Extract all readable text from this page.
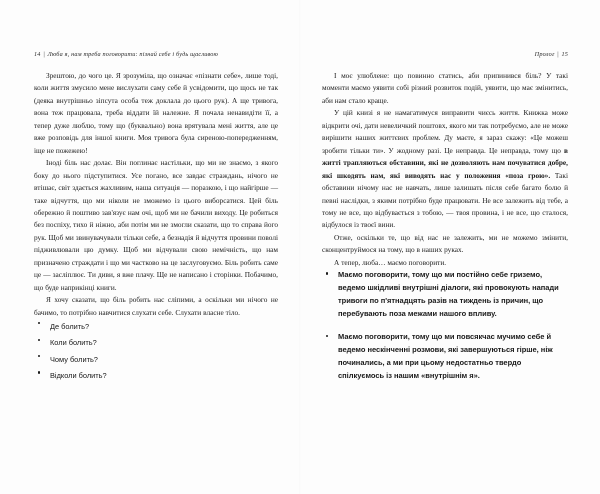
14 | Люба я, нам треба поговорити: пізнай себе і будь щасливою

Зрештою, до чого це. Я зрозуміла, що означає «пізнати себе», лише тоді, коли життя змусило мене вислухати саму себе й усвідомити, що щось не так (деяка внутрішньо зіпсута особа теж доклала до цього рук). А ще тривога, вона теж працювала, треба віддати їй належне. Я почала ненавидіти її, а тепер дуже люблю, тому що (буквально) вона врятувала мені життя, але це вже розповідь для іншої книги. Моя тривога була сиреною-попередженням, іще не пожежею!

Іноді біль нас долає. Він поглинає настільки, що ми не знаємо, з якого боку до нього підступитися. Усе погано, все завдає страждань, нічого не втішає, світ здається жахливим, наша ситуація — поразкою, і що найгірше — таке відчуття, що ми ніколи не зможемо із цього виборсатися. Цей біль обережно й поштиво зав'язує нам очі, щоб ми не бачили виходу. Це робиться без поспіху, тихо й ніжно, аби потім ми не змогли сказати, що то справа його рук. Щоб ми звинувачували тільки себе, а безнадія й відчуття провини поволі підживлювали цю думку. Щоб ми відчували свою немічність, що нам призначено страждати і що ми частково на це заслуговуємо. Біль робить саме це — засліплює. Ти диви, я вже плачу. Ще не написано і сторінки. Побачимо, що буде наприкінці книги.

Я хочу сказати, що біль робить нас сліпими, а оскільки ми нічого не бачимо, то потрібно навчитися слухати себе. Слухати власне тіло.

Де болить?
Коли болить?
Чому болить?
Відколи болить?
Пролог | 15

І моє улюблене: що повинно статись, аби припинився біль? У такі моменти маємо уявити собі різний розвиток подій, уявити, що має змінитись, аби нам стало краще.

У цій книзі я не намагатимуся виправити чиєсь життя. Книжка може відкрити очі, дати невеличкий поштовх, якого ми так потребуємо, але не може вирішити наших життєвих проблем. Ду маєте, я зараз скажу: «Це можеш зробити тільки ти». У жодному разі. Це неправда. Це неправда, тому що в житті трапляються обставини, які не дозволяють нам почуватися добре, які шкодять нам, які виводять нас у положення «поза грою». Такі обставини нічому нас не навчать, лише залишать після себе багато болю й певні наслідки, з якими потрібно буде працювати. Не все залежить від тебе, а тому не все, що відбувається з тобою, — твоя провина, і не все, що сталося, відбулося із твоєї вини.

Отже, оскільки те, що від нас не залежить, ми не можемо змінити, сконцентруймося на тому, що в наших руках.

А тепер, люба… маємо поговорити.

Маємо поговорити, тому що ми постійно себе гриземо, ведемо шкідливі внутрішні діалоги, які провокують напади тривоги по п'ятнадцять разів на тиждень із причин, що перебувають поза межами нашого впливу.
Маємо поговорити, тому що ми повсякчас мучимо себе й ведемо нескінченні розмови, які завершуються гірше, ніж починались, а ми при цьому недостатньо твердо спілкуємось із нашим «внутрішнім я».
